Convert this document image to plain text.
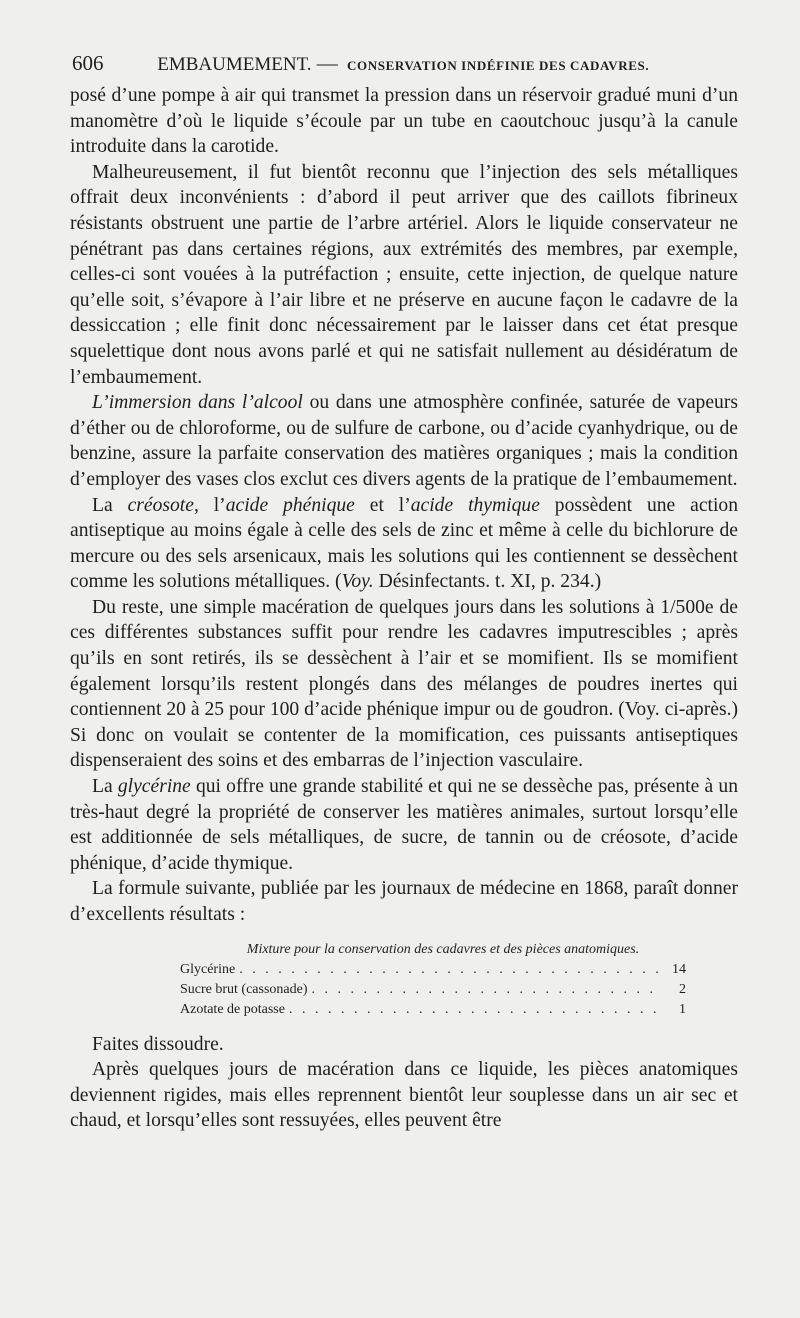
606	EMBAUMEMENT. — CONSERVATION INDÉFINIE DES CADAVRES.

posé d’une pompe à air qui transmet la pression dans un réservoir gradué muni d’un manomètre d’où le liquide s’écoule par un tube en caoutchouc jusqu’à la canule introduite dans la carotide.

Malheureusement, il fut bientôt reconnu que l’injection des sels métalliques offrait deux inconvénients : d’abord il peut arriver que des caillots fibrineux résistants obstruent une partie de l’arbre artériel. Alors le liquide conservateur ne pénétrant pas dans certaines régions, aux extrémités des membres, par exemple, celles-ci sont vouées à la putréfaction ; ensuite, cette injection, de quelque nature qu’elle soit, s’évapore à l’air libre et ne préserve en aucune façon le cadavre de la dessiccation ; elle finit donc nécessairement par le laisser dans cet état presque squelettique dont nous avons parlé et qui ne satisfait nullement au désidératum de l’embaumement.

L’immersion dans l’alcool ou dans une atmosphère confinée, saturée de vapeurs d’éther ou de chloroforme, ou de sulfure de carbone, ou d’acide cyanhydrique, ou de benzine, assure la parfaite conservation des matières organiques ; mais la condition d’employer des vases clos exclut ces divers agents de la pratique de l’embaumement.

La créosote, l’acide phénique et l’acide thymique possèdent une action antiseptique au moins égale à celle des sels de zinc et même à celle du bichlorure de mercure ou des sels arsenicaux, mais les solutions qui les contiennent se dessèchent comme les solutions métalliques. (Voy. Désinfectants. t. XI, p. 234.)

Du reste, une simple macération de quelques jours dans les solutions à 1/500e de ces différentes substances suffit pour rendre les cadavres imputrescibles ; après qu’ils en sont retirés, ils se dessèchent à l’air et se momifient. Ils se momifient également lorsqu’ils restent plongés dans des mélanges de poudres inertes qui contiennent 20 à 25 pour 100 d’acide phénique impur ou de goudron. (Voy. ci-après.) Si donc on voulait se contenter de la momification, ces puissants antiseptiques dispenseraient des soins et des embarras de l’injection vasculaire.

La glycérine qui offre une grande stabilité et qui ne se dessèche pas, présente à un très-haut degré la propriété de conserver les matières animales, surtout lorsqu’elle est additionnée de sels métalliques, de sucre, de tannin ou de créosote, d’acide phénique, d’acide thymique.

La formule suivante, publiée par les journaux de médecine en 1868, paraît donner d’excellents résultats :

Mixture pour la conservation des cadavres et des pièces anatomiques.
Glycérine . . .	14
Sucre brut (cassonade) . . .	2
Azotate de potasse . . .	1

Faites dissoudre.

Après quelques jours de macération dans ce liquide, les pièces anatomiques deviennent rigides, mais elles reprennent bientôt leur souplesse dans un air sec et chaud, et lorsqu’elles sont ressuyées, elles peuvent être
